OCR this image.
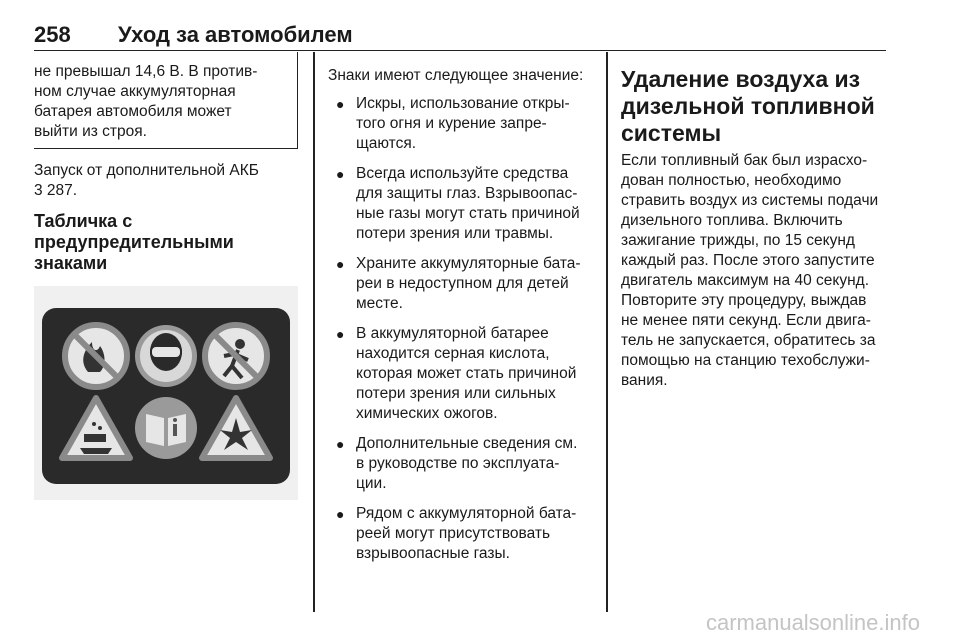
258 Уход за автомобилем

не превышал 14,6 В. В против-

ном случае аккумуляторная

батарея автомобиля может

выйти из строя.

Запуск от дополнительной АКБ

3 287.

Табличка с
предупредительными знаками

Знаки имеют следующее значение:

● Искры, использование откры-
того огня и курение запре-
щаются.
● Всегда используйте средства
для защиты глаз. Взрывоопас-
ные газы могут стать причиной
потери зрения или травмы.
● Храните аккумуляторные бата-
реи в недоступном для детей
месте.
● В аккумуляторной батарее
находится серная кислота,
которая может стать причиной
потери зрения или сильных
химических ожогов.
● Дополнительные сведения см.
в руководстве по эксплуата-
ции.
● Рядом с аккумуляторной бата-
реей могут присутствовать
взрывоопасные газы.
Удаление воздуха из
дизельной топливной
системы
Если топливный бак был израсхо-
дован полностью, необходимо
стравить воздух из системы подачи
дизельного топлива. Включить
зажигание трижды, по 15 секунд
каждый раз. После этого запустите
двигатель максимум на 40 секунд.
Повторите эту процедуру, выждав
не менее пяти секунд. Если двига-
тель не запускается, обратитесь за
помощью на станцию техобслужи-
вания.
carmanualsonline.info
